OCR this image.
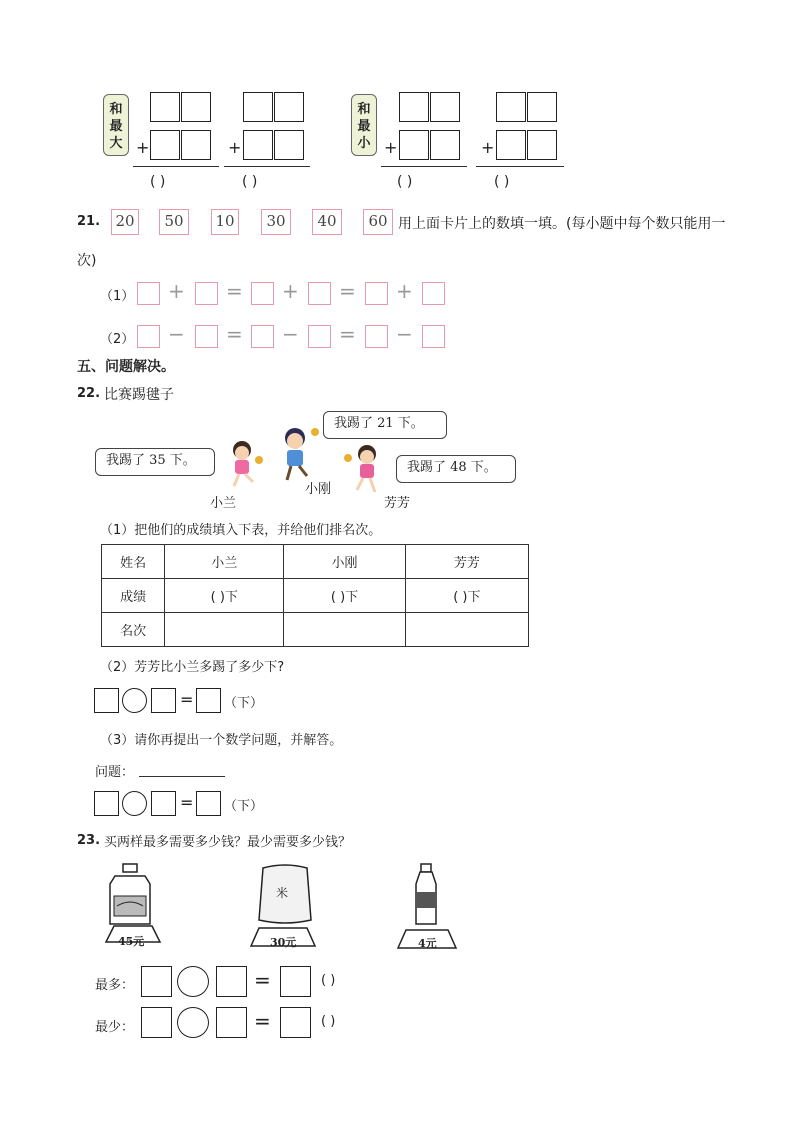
和最大 +
( )
+
( )
和最小 +
( )
+
( )
21. 20	50	10	30	40	60 用上面卡片上的数填一填。(每小题中每个数只能用一
次)
（1） + = + = +
（2） − = − = −
五、问题解决。
22. 比赛踢毽子
我踢了 35 下。
我踢了 21 下。
我踢了 48 下。
小兰
小刚
芳芳
（1）把他们的成绩填入下表，并给他们排名次。
姓名	小兰	小刚	芳芳
成绩	( )下	( )下	( )下
名次			
（2）芳芳比小兰多踢了多少下?
= （下）
（3）请你再提出一个数学问题，并解答。
问题：
= （下）
23. 买两样最多需要多少钱？最少需要多少钱？
45元
米
30元	4元
最多：	=	( )
最少：	=	( )
